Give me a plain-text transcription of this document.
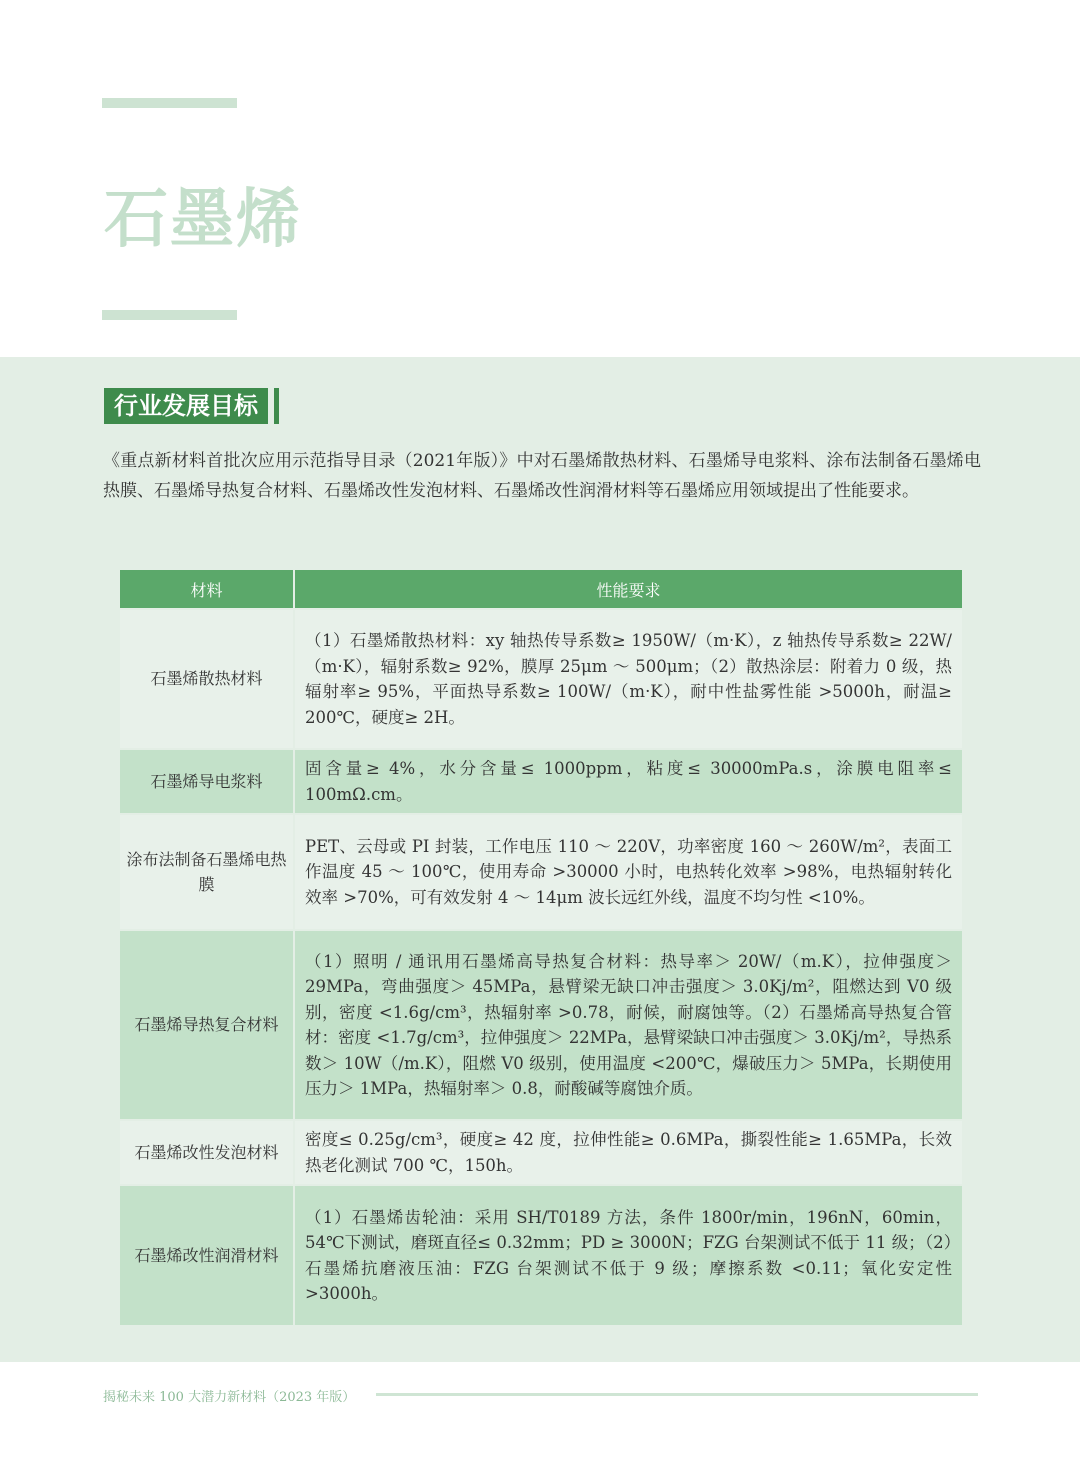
石墨烯
行业发展目标
《重点新材料首批次应用示范指导目录（2021年版）》中对石墨烯散热材料、石墨烯导电浆料、涂布法制备石墨烯电热膜、石墨烯导热复合材料、石墨烯改性发泡材料、石墨烯改性润滑材料等石墨烯应用领域提出了性能要求。
材料	性能要求
石墨烯散热材料	（1）石墨烯散热材料：xy 轴热传导系数≥ 1950W/（m·K），z 轴热传导系数≥ 22W/（m·K），辐射系数≥ 92%，膜厚 25μm ～ 500μm；（2）散热涂层：附着力 0 级，热辐射率≥ 95%，平面热导系数≥ 100W/（m·K），耐中性盐雾性能 >5000h，耐温≥ 200℃，硬度≥ 2H。
石墨烯导电浆料	固含量≥ 4%，水分含量≤ 1000ppm，粘度≤ 30000mPa.s，涂膜电阻率≤ 100mΩ.cm。
涂布法制备石墨烯电热膜	PET、云母或 PI 封装，工作电压 110 ～ 220V，功率密度 160 ～ 260W/m²，表面工作温度 45 ～ 100℃，使用寿命 >30000 小时，电热转化效率 >98%，电热辐射转化效率 >70%，可有效发射 4 ～ 14μm 波长远红外线，温度不均匀性 <10%。
石墨烯导热复合材料	（1）照明 / 通讯用石墨烯高导热复合材料：热导率＞ 20W/（m.K），拉伸强度＞ 29MPa，弯曲强度＞ 45MPa，悬臂梁无缺口冲击强度＞ 3.0Kj/m²，阻燃达到 V0 级别，密度 <1.6g/cm³，热辐射率 >0.78，耐候，耐腐蚀等。（2）石墨烯高导热复合管材：密度 <1.7g/cm³，拉伸强度＞ 22MPa，悬臂梁缺口冲击强度＞ 3.0Kj/m²，导热系数＞ 10W（/m.K），阻燃 V0 级别，使用温度 <200℃，爆破压力＞ 5MPa，长期使用压力＞ 1MPa，热辐射率＞ 0.8，耐酸碱等腐蚀介质。
石墨烯改性发泡材料	密度≤ 0.25g/cm³，硬度≥ 42 度，拉伸性能≥ 0.6MPa，撕裂性能≥ 1.65MPa，长效热老化测试 700 ℃，150h。
石墨烯改性润滑材料	（1）石墨烯齿轮油：采用 SH/T0189 方法，条件 1800r/min，196nN，60min，54℃下测试，磨斑直径≤ 0.32mm；PD ≥ 3000N；FZG 台架测试不低于 11 级；（2）石墨烯抗磨液压油：FZG 台架测试不低于 9 级；摩擦系数 <0.11；氧化安定性 >3000h。
揭秘未来 100 大潜力新材料（2023 年版）
